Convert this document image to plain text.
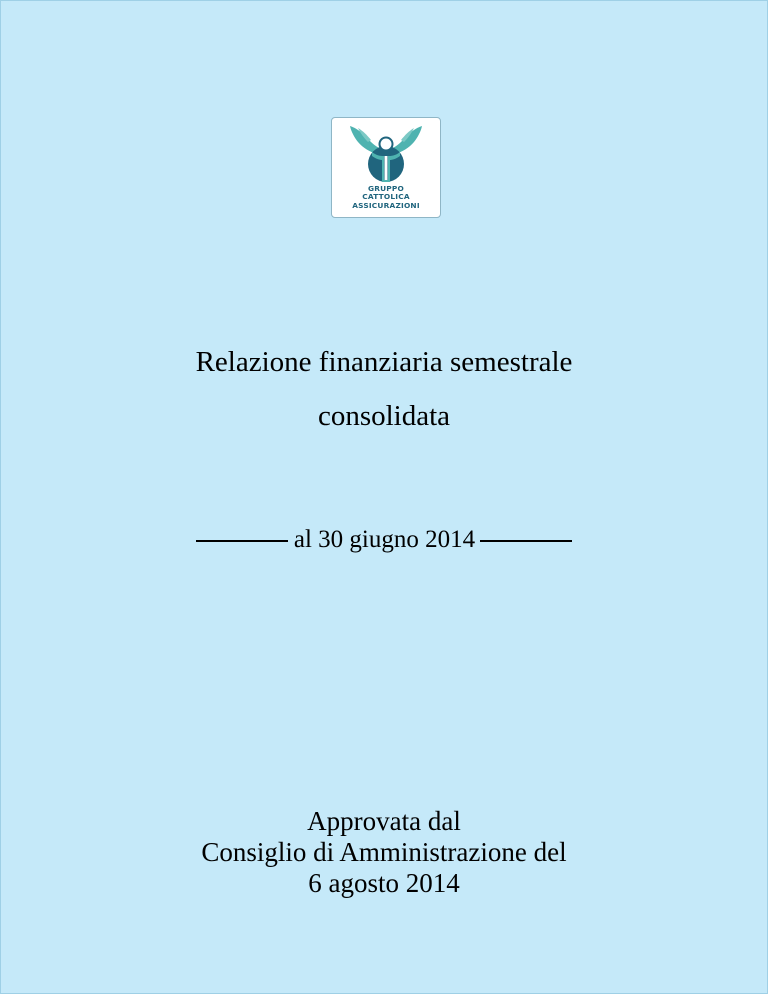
GRUPPO
CATTOLICA
ASSICURAZIONI
Relazione finanziaria semestrale
consolidata
al 30 giugno 2014
Approvata dal
Consiglio di Amministrazione del
6 agosto 2014
